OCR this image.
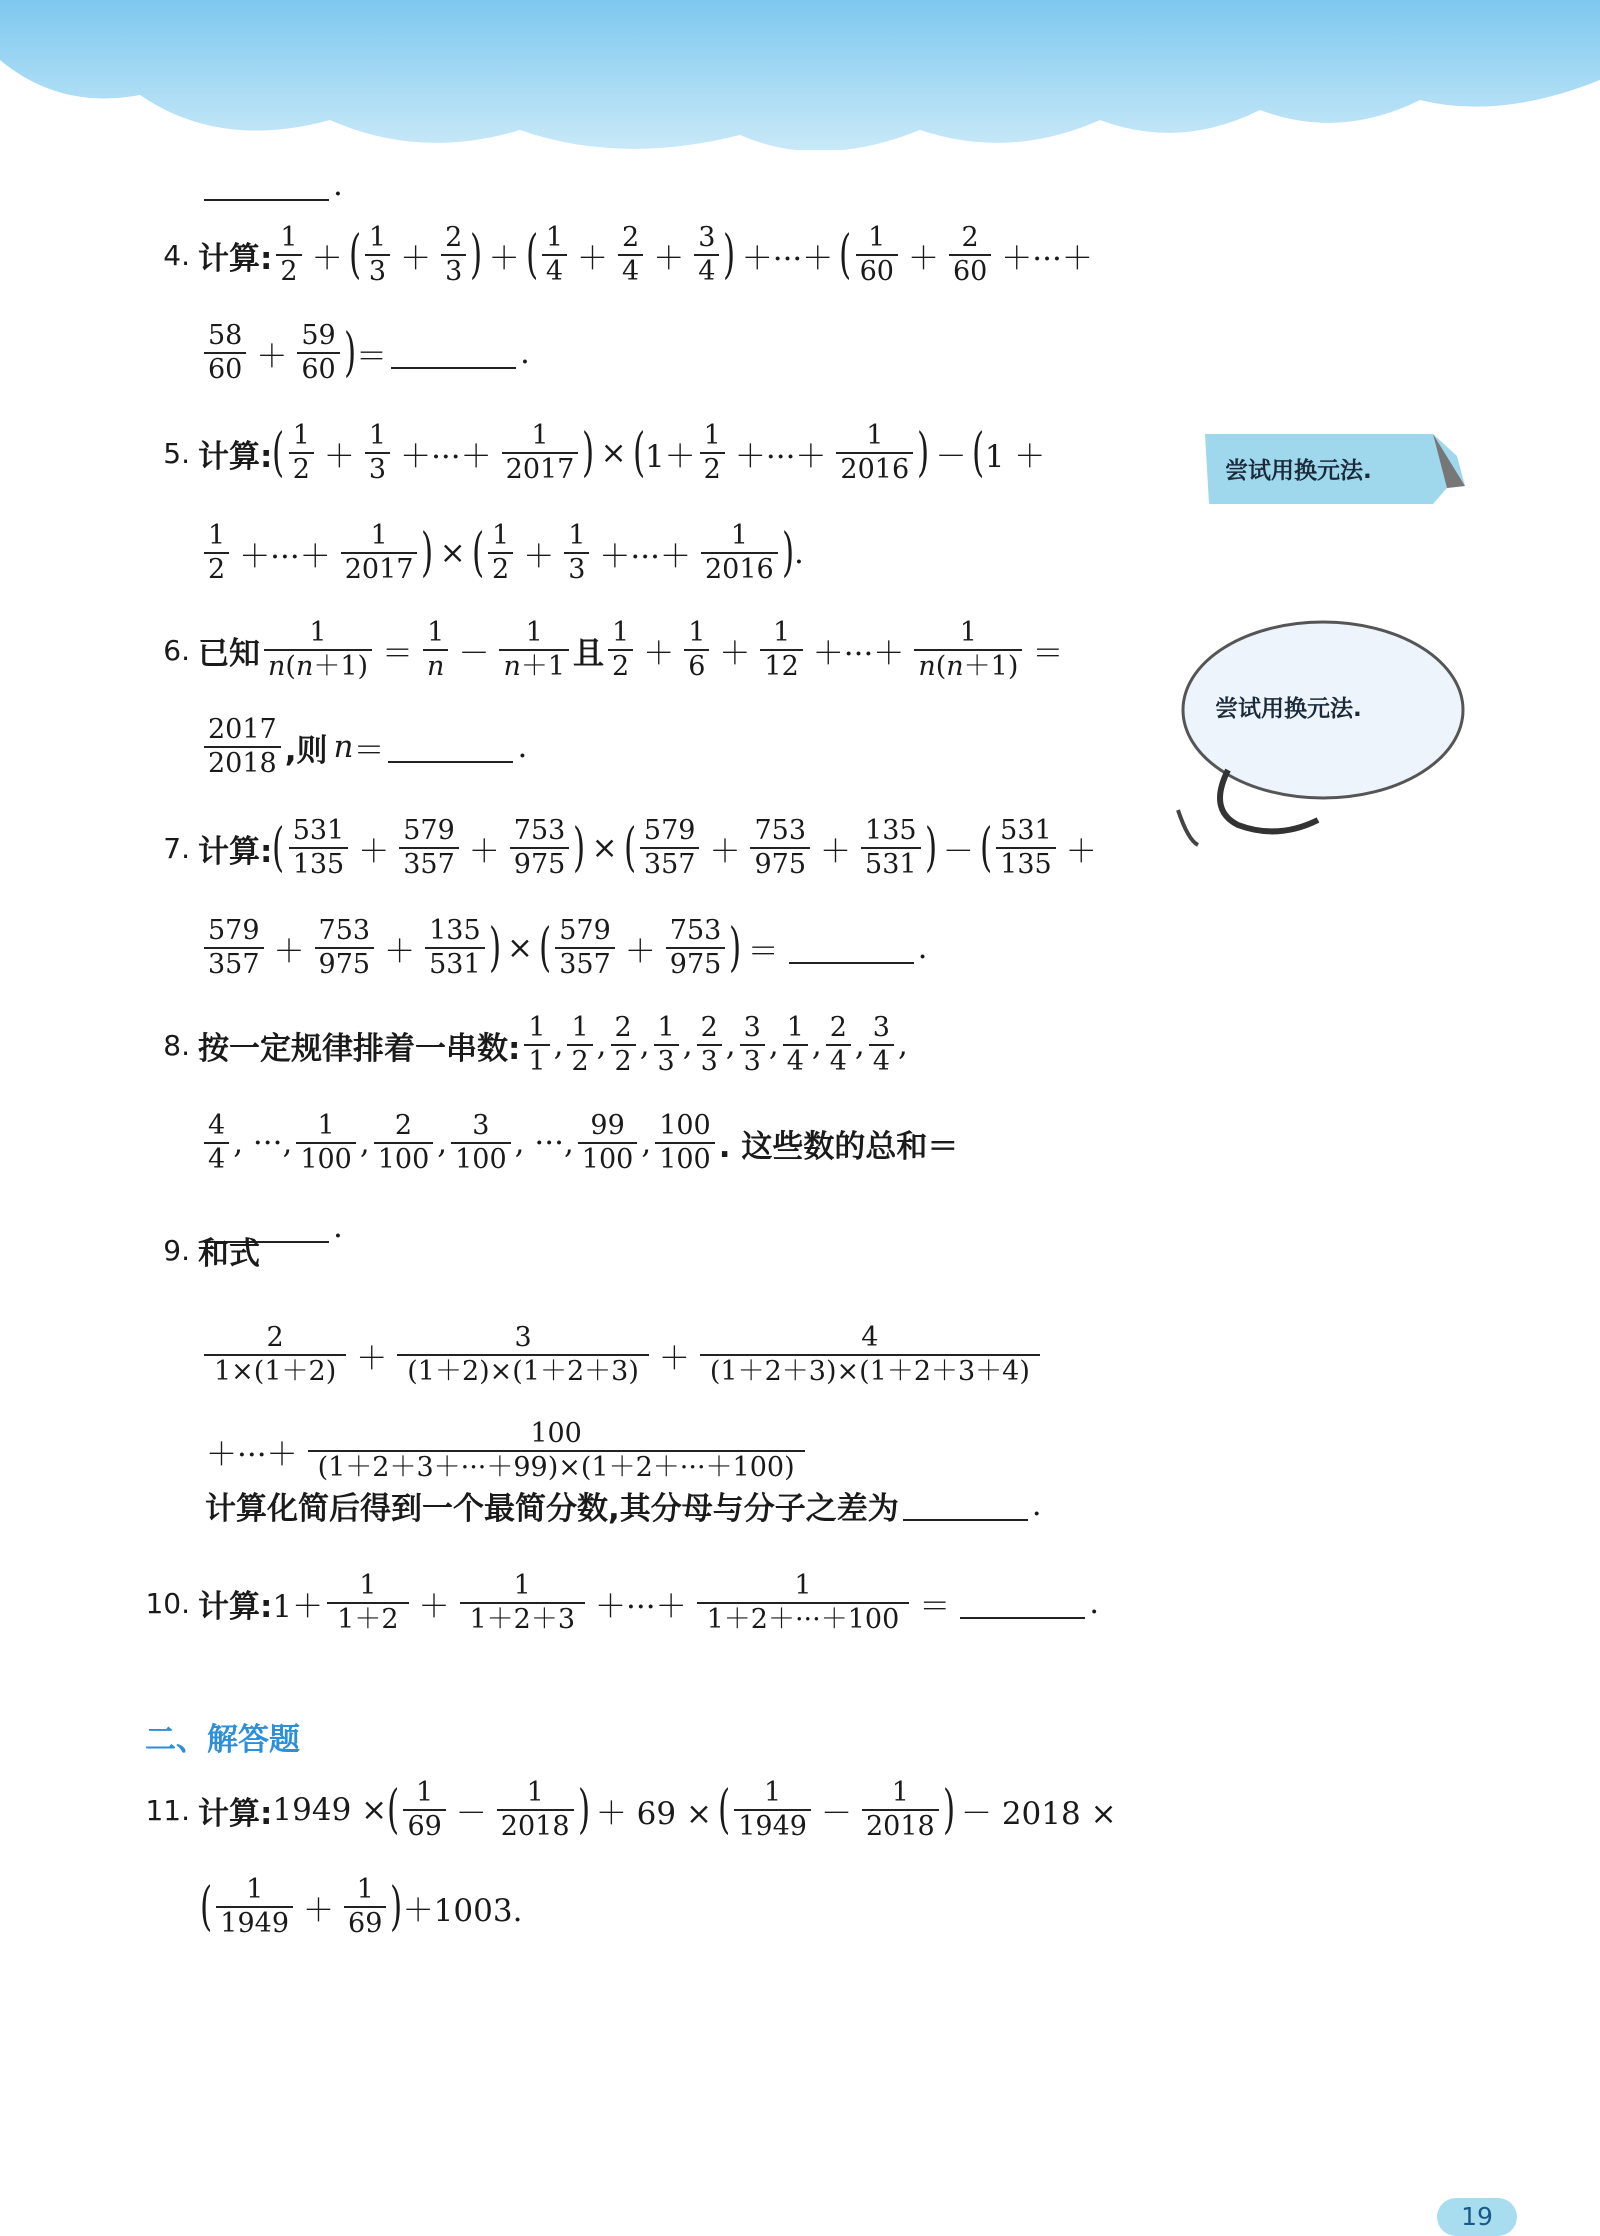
.
4. 计算:
1
2 ＋ ( 1
3 ＋
2
3 ) ＋ ( 1
4 ＋
2
4 ＋
3
4 ) ＋···＋ ( 1
60 ＋
2
60 ＋···＋
58
60 ＋
59
60 ) ＝	.
5. 计算: ( 1
2 ＋
1
3 ＋···＋
1
2017 ) × ( 1＋
1
2 ＋···＋
1
2016 ) － ( 1 ＋
1
2 ＋···＋
1
2017 ) × ( 1
2 ＋
1
3 ＋···＋
1
2016 ) .
尝试用换元法.
6. 已知
1
n(n＋1) ＝
1
n －
1
n＋1 且
1
2 ＋
1
6 ＋
1
12 ＋···＋
1
n(n＋1) ＝
2017
2018 ,则 n ＝	.
尝试用换元法.
7. 计算: ( 531
135 ＋
579
357 ＋
753
975 ) × ( 579
357 ＋
753
975 ＋
135
531 ) － ( 531
135 ＋
579
357 ＋
753
975 ＋
135
531 ) × ( 579
357 ＋
753
975 ) ＝	.
8. 按一定规律排着一串数:
1
1 , 1
2 , 2
2 , 1
3 , 2
3 , 3
3 , 1
4 , 2
4 , 3
4 ,
4
4 , ···, 1
100 , 2
100 , 3
100 , ···, 99
100 , 100
100 . 这些数的总和＝
.
9. 和式
2
1×(1＋2) ＋
3
(1＋2)×(1＋2＋3) ＋
4
(1＋2＋3)×(1＋2＋3＋4)
＋···＋
100
(1＋2＋3＋···＋99)×(1＋2＋···＋100)
计算化简后得到一个最简分数,其分母与分子之差为	.
10. 计算: 1＋
1
1＋2 ＋
1
1＋2＋3 ＋···＋
1
1＋2＋···＋100 ＝	.
二、解答题
11. 计算: 1949 × ( 1
69 －
1
2018 ) ＋ 69 × ( 1
1949 －
1
2018 ) － 2018 ×
( 1
1949 ＋
1
69 ) ＋1003.
19
